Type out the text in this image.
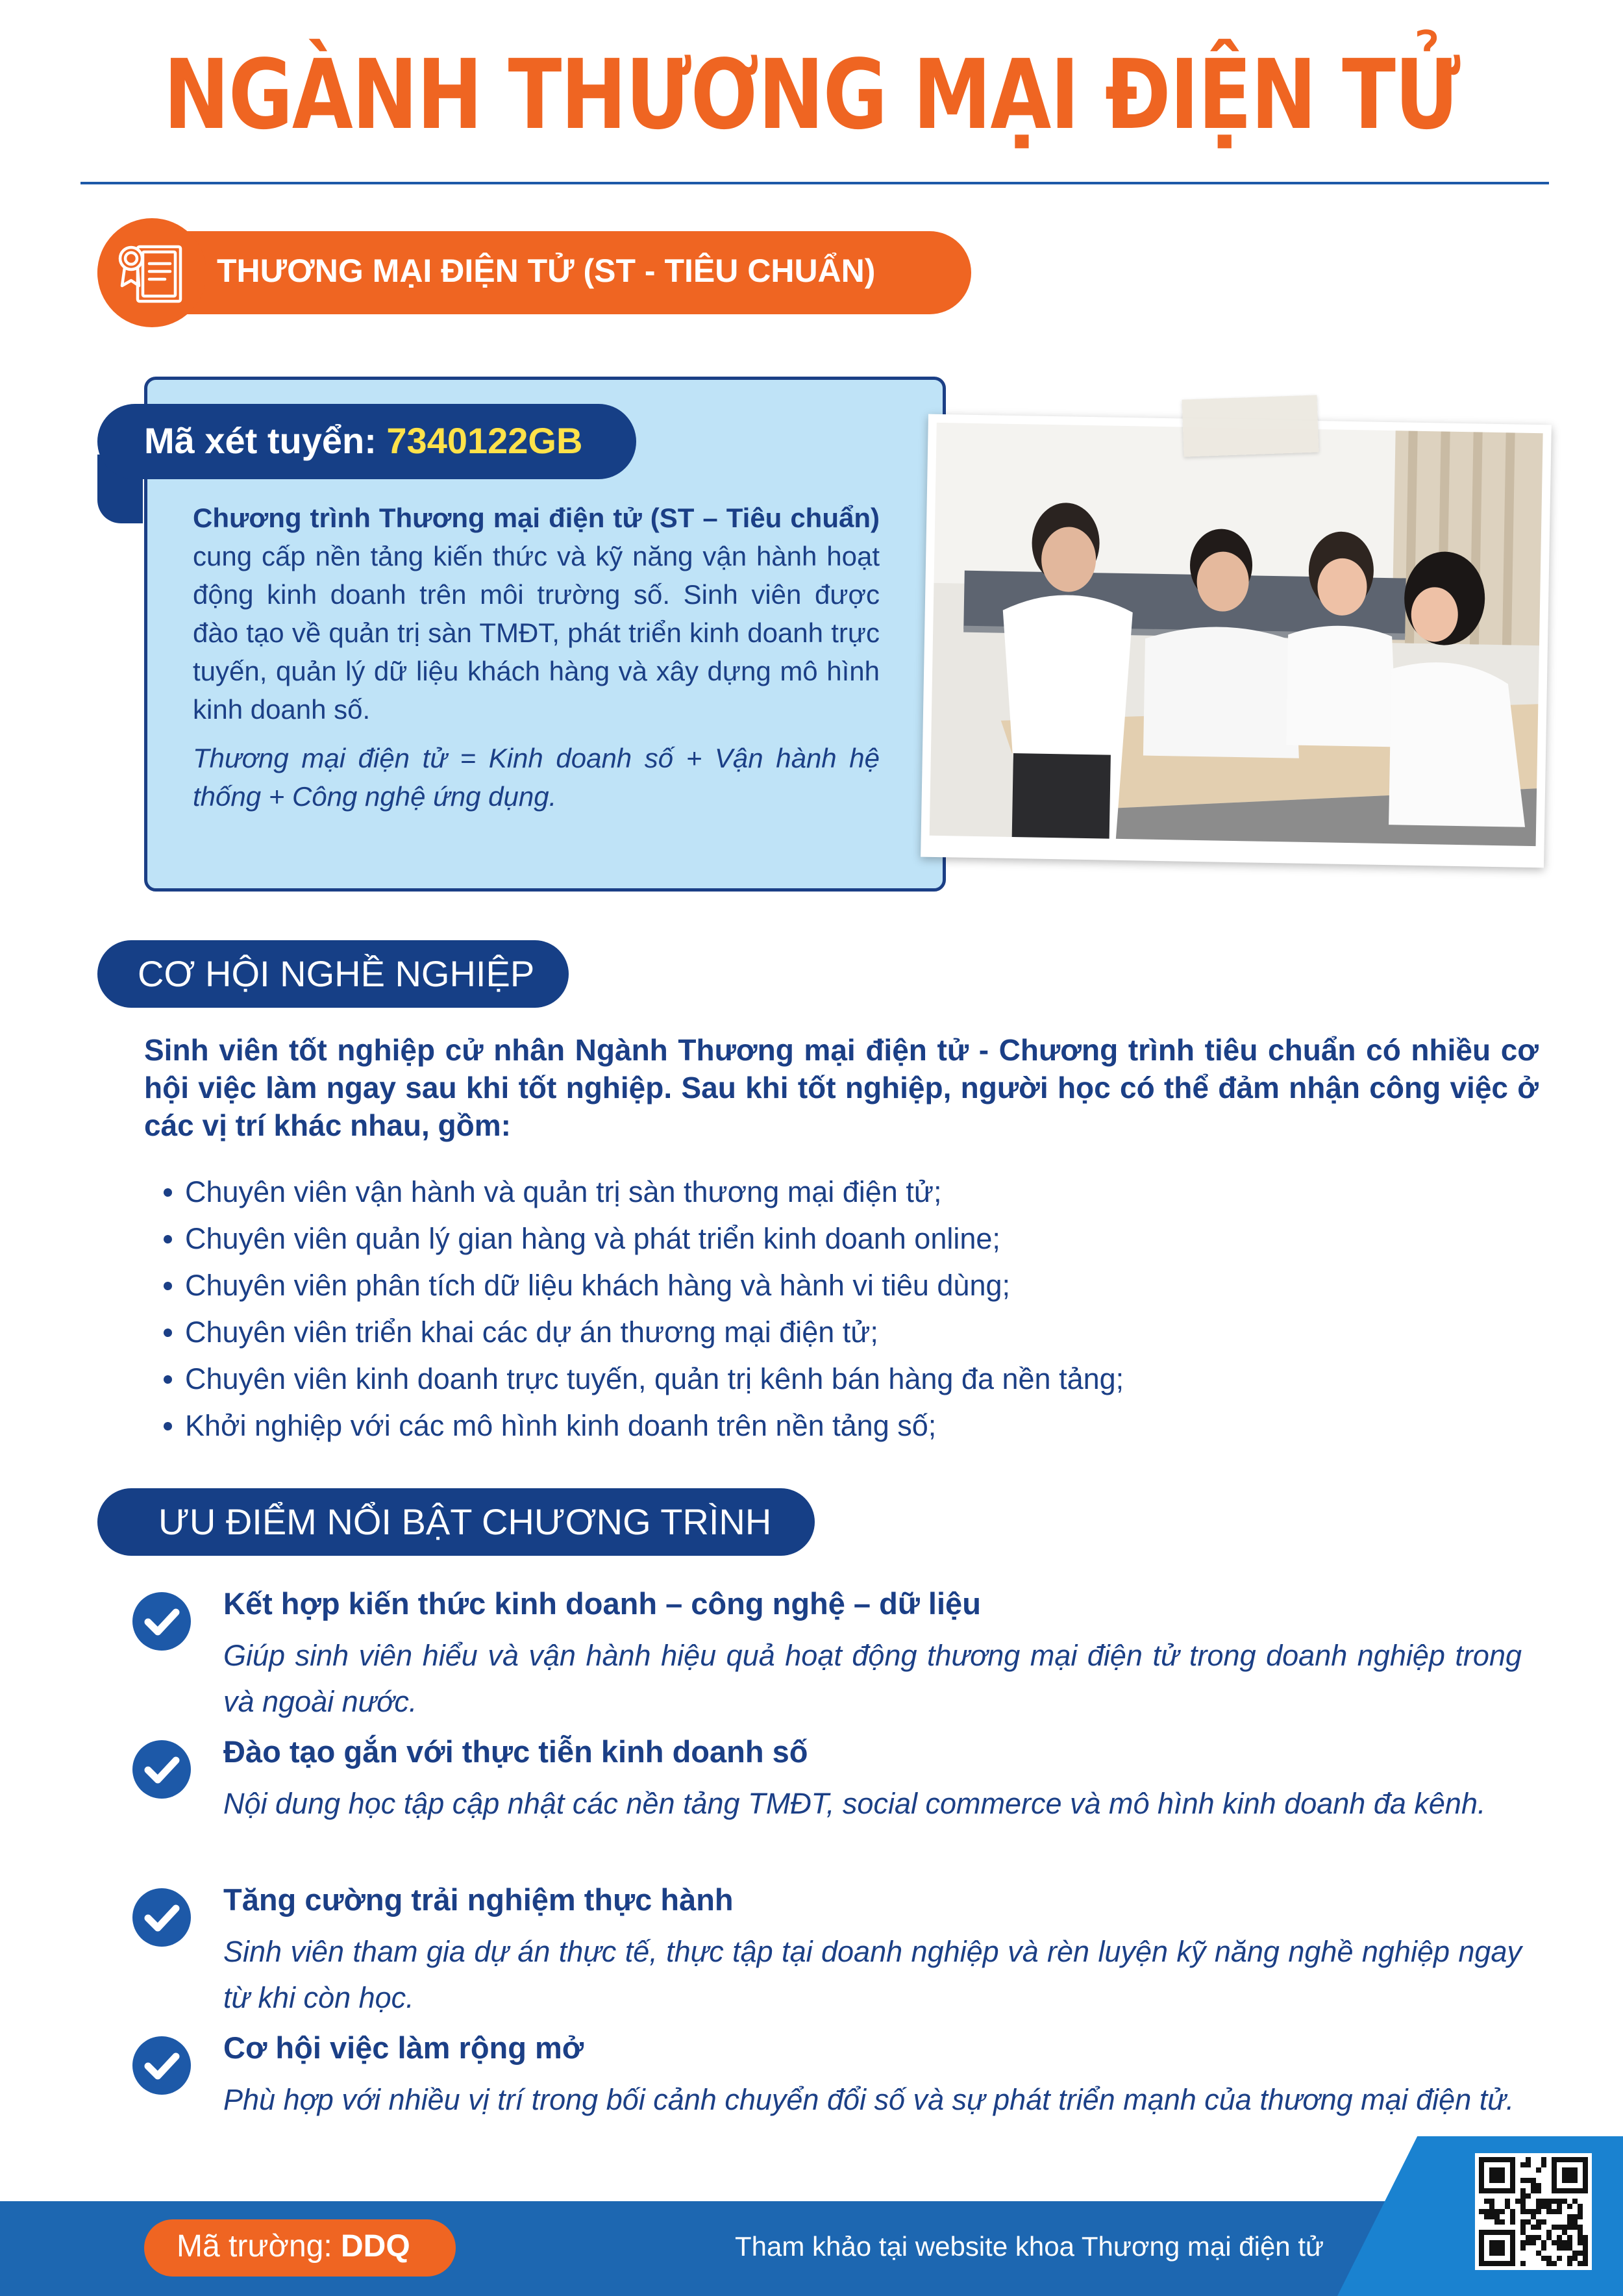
NGÀNH THƯƠNG MẠI ĐIỆN TỬ
THƯƠNG MẠI ĐIỆN TỬ (ST - TIÊU CHUẨN)
Mã xét tuyển: 7340122GB
Chương trình Thương mại điện tử (ST – Tiêu chuẩn) cung cấp nền tảng kiến thức và kỹ năng vận hành hoạt động kinh doanh trên môi trường số. Sinh viên được đào tạo về quản trị sàn TMĐT, phát triển kinh doanh trực tuyến, quản lý dữ liệu khách hàng và xây dựng mô hình kinh doanh số.
Thương mại điện tử = Kinh doanh số + Vận hành hệ thống + Công nghệ ứng dụng.
CƠ HỘI NGHỀ NGHIỆP
Sinh viên tốt nghiệp cử nhân Ngành Thương mại điện tử - Chương trình tiêu chuẩn có nhiều cơ hội việc làm ngay sau khi tốt nghiệp. Sau khi tốt nghiệp, người học có thể đảm nhận công việc ở các vị trí khác nhau, gồm:
Chuyên viên vận hành và quản trị sàn thương mại điện tử;
Chuyên viên quản lý gian hàng và phát triển kinh doanh online;
Chuyên viên phân tích dữ liệu khách hàng và hành vi tiêu dùng;
Chuyên viên triển khai các dự án thương mại điện tử;
Chuyên viên kinh doanh trực tuyến, quản trị kênh bán hàng đa nền tảng;
Khởi nghiệp với các mô hình kinh doanh trên nền tảng số;
ƯU ĐIỂM NỔI BẬT CHƯƠNG TRÌNH
Kết hợp kiến thức kinh doanh – công nghệ – dữ liệu
Giúp sinh viên hiểu và vận hành hiệu quả hoạt động thương mại điện tử trong doanh nghiệp trong và ngoài nước.
Đào tạo gắn với thực tiễn kinh doanh số
Nội dung học tập cập nhật các nền tảng TMĐT, social commerce và mô hình kinh doanh đa kênh.
Tăng cường trải nghiệm thực hành
Sinh viên tham gia dự án thực tế, thực tập tại doanh nghiệp và rèn luyện kỹ năng nghề nghiệp ngay từ khi còn học.
Cơ hội việc làm rộng mở
Phù hợp với nhiều vị trí trong bối cảnh chuyển đổi số và sự phát triển mạnh của thương mại điện tử.
Mã trường: DDQ	Tham khảo tại website khoa Thương mại điện tử
